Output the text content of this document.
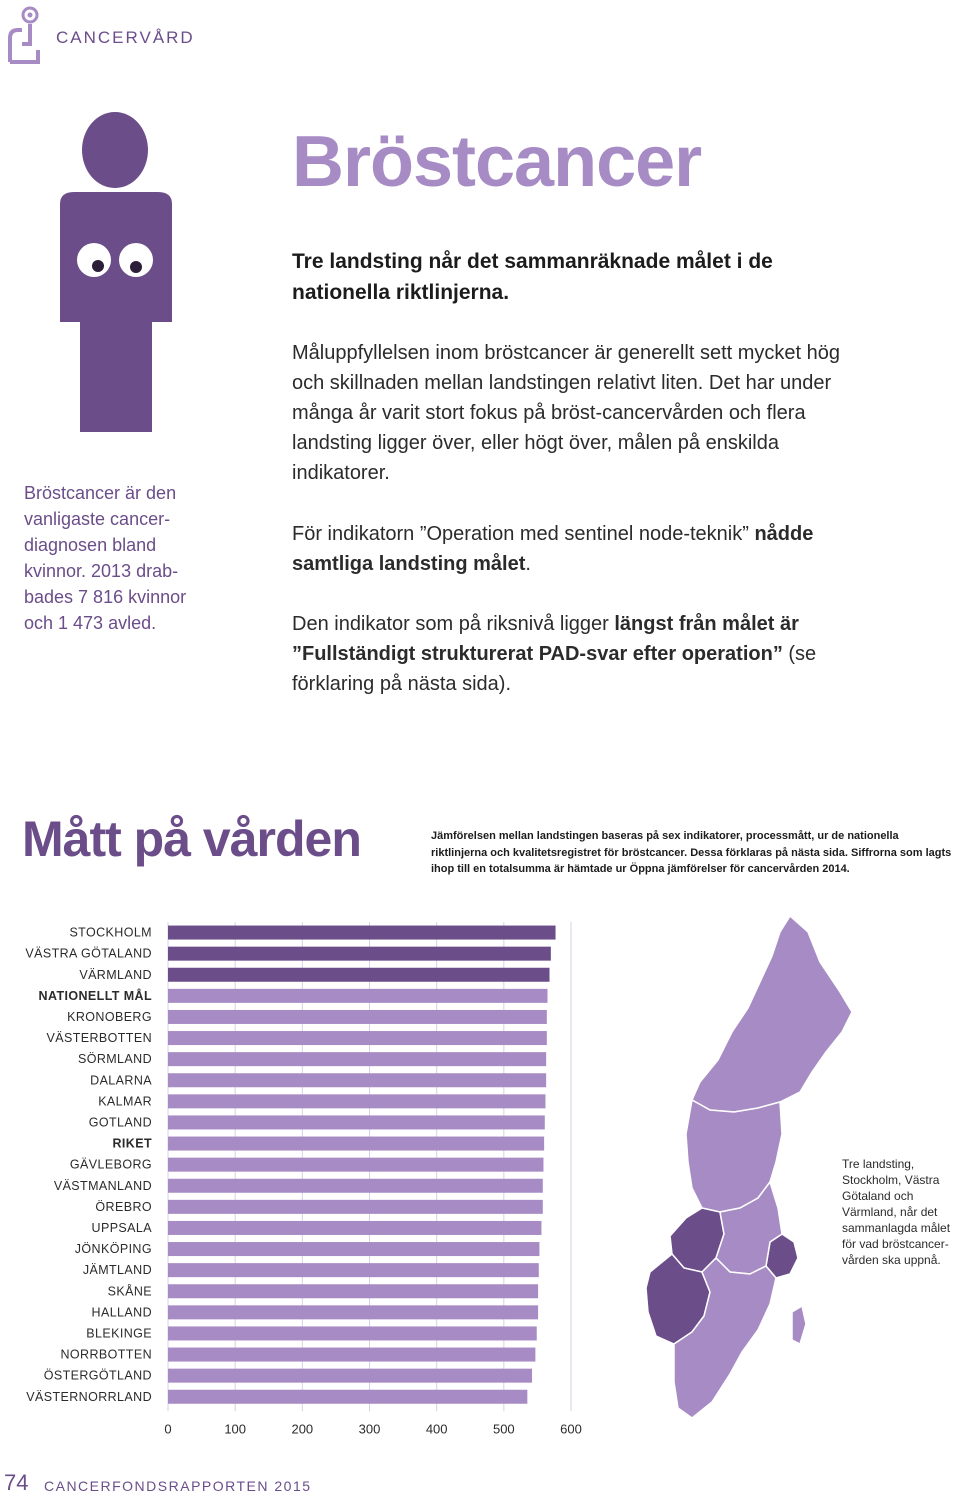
CANCERVÅRD
Bröstcancer

Tre landsting når det sammanräknade målet i de nationella riktlinjerna.

Måluppfyllelsen inom bröstcancer är generellt sett mycket hög och skillnaden mellan landstingen relativt liten. Det har under många år varit stort fokus på bröst-cancervården och flera landsting ligger över, eller högt över, målen på enskilda indikatorer.

För indikatorn ”Operation med sentinel node-teknik” nådde samtliga landsting målet.

Den indikator som på riksnivå ligger längst från målet är ”Fullständigt strukturerat PAD-svar efter operation” (se förklaring på nästa sida).

Bröstcancer är den vanligaste cancer-diagnosen bland kvinnor. 2013 drab-bades 7 816 kvinnor och 1 473 avled.

Mått på vården	Jämförelsen mellan landstingen baseras på sex indikatorer, processmått, ur de nationella riktlinjerna och kvalitetsregistret för bröstcancer. Dessa förklaras på nästa sida. Siffrorna som lagts ihop till en totalsumma är hämtade ur Öppna jämförelser för cancervården 2014.

0	100	200	300	400	500	600
STOCKHOLM
VÄSTRA GÖTALAND
VÄRMLAND
NATIONELLT MÅL
KRONOBERG
VÄSTERBOTTEN
SÖRMLAND
DALARNA
KALMAR
GOTLAND
RIKET
GÄVLEBORG
VÄSTMANLAND
ÖREBRO
UPPSALA
JÖNKÖPING
JÄMTLAND
SKÅNE
HALLAND
BLEKINGE
NORRBOTTEN
ÖSTERGÖTLAND
VÄSTERNORRLAND

Tre landsting, Stockholm, Västra Götaland och Värmland, når det sammanlagda målet för vad bröstcancer-vården ska uppnå.

74 CANCERFONDSRAPPORTEN 2015
